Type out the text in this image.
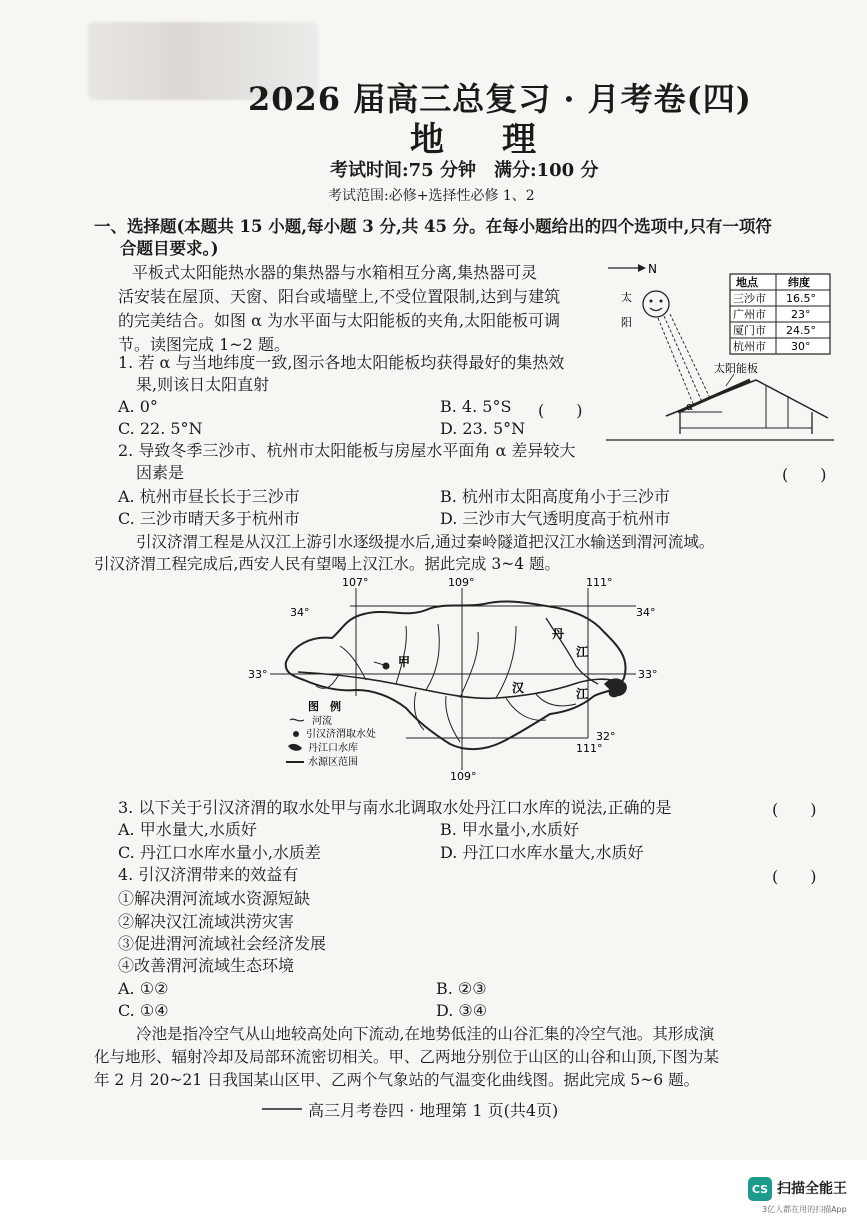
2026 届高三总复习 · 月考卷(四)
地　理
考试时间:75 分钟　满分:100 分
考试范围:必修+选择性必修 1、2
一、选择题(本题共 15 小题,每小题 3 分,共 45 分。在每小题给出的四个选项中,只有一项符
合题目要求。)
平板式太阳能热水器的集热器与水箱相互分离,集热器可灵
活安装在屋顶、天窗、阳台或墙壁上,不受位置限制,达到与建筑
的完美结合。如图 α 为水平面与太阳能板的夹角,太阳能板可调
节。读图完成 1~2 题。
N
太
阳
太阳能板
α
地点	纬度
三沙市 16.5°
广州市 23°
厦门市 24.5°
杭州市 30°
1. 若 α 与当地纬度一致,图示各地太阳能板均获得最好的集热效
果,则该日太阳直射
(　　)
A. 0°	B. 4. 5°S
C. 22. 5°N	D. 23. 5°N
2. 导致冬季三沙市、杭州市太阳能板与房屋水平面角 α 差异较大
因素是	(　　)
A. 杭州市昼长长于三沙市	B. 杭州市太阳高度角小于三沙市
C. 三沙市晴天多于杭州市	D. 三沙市大气透明度高于杭州市
引汉济渭工程是从汉江上游引水逐级提水后,通过秦岭隧道把汉江水输送到渭河流域。
引汉济渭工程完成后,西安人民有望喝上汉江水。据此完成 3~4 题。
107°	109°	111°
109°
111°
34°	34°
33°	33°
32°
甲
丹
江
汉	江
图　例
河流
引汉济渭取水处
丹江口水库
水源区范围
3. 以下关于引汉济渭的取水处甲与南水北调取水处丹江口水库的说法,正确的是	(　　)
A. 甲水量大,水质好	B. 甲水量小,水质好
C. 丹江口水库水量小,水质差	D. 丹江口水库水量大,水质好
4. 引汉济渭带来的效益有	(　　)
①解决渭河流域水资源短缺
②解决汉江流域洪涝灾害
③促进渭河流域社会经济发展
④改善渭河流域生态环境
A. ①②	B. ②③
C. ①④	D. ③④
冷池是指冷空气从山地较高处向下流动,在地势低洼的山谷汇集的冷空气池。其形成演
化与地形、辐射冷却及局部环流密切相关。甲、乙两地分别位于山区的山谷和山顶,下图为某
年 2 月 20~21 日我国某山区甲、乙两个气象站的气温变化曲线图。据此完成 5~6 题。
高三月考卷四 · 地理第 1 页(共4页)
CS 扫描全能王
3亿人都在用的扫描App
